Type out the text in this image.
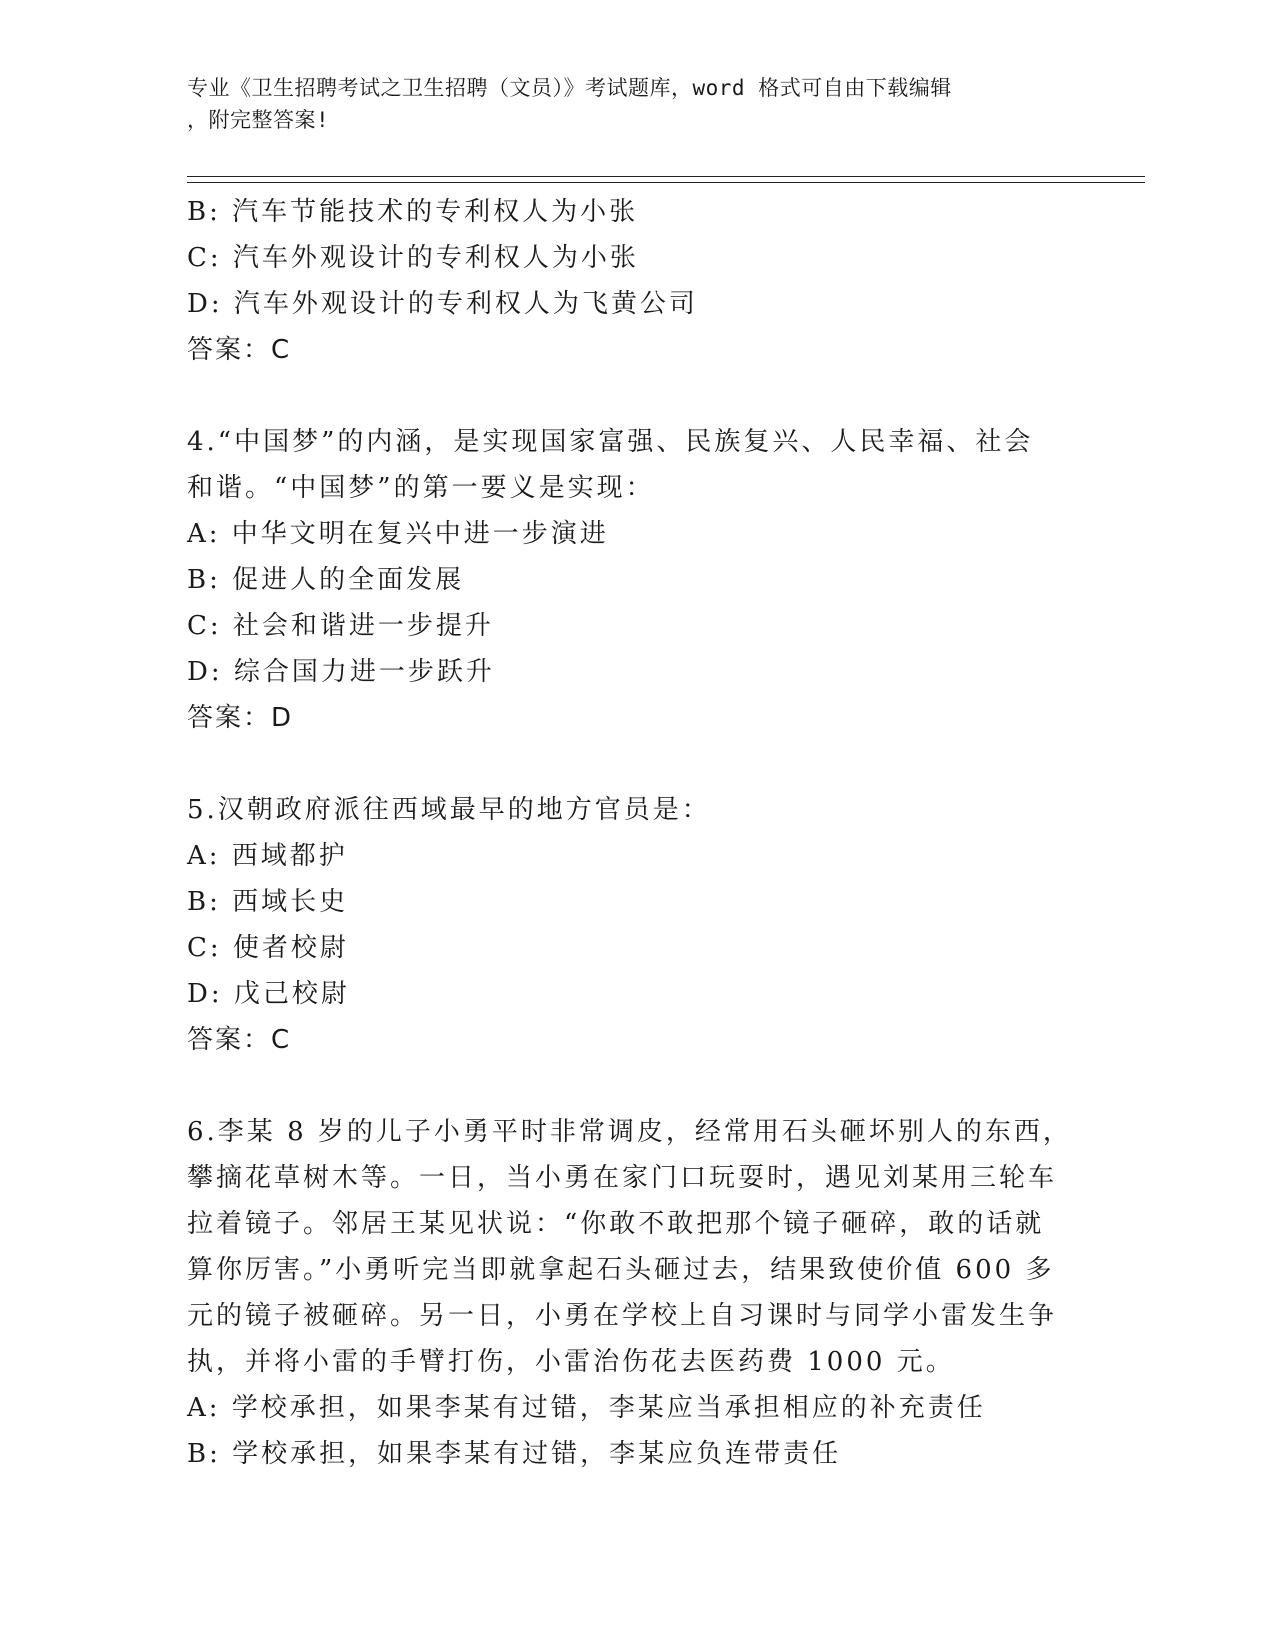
专业《卫生招聘考试之卫生招聘（文员）》考试题库，word 格式可自由下载编辑
，附完整答案!
B: 汽车节能技术的专利权人为小张
C: 汽车外观设计的专利权人为小张
D: 汽车外观设计的专利权人为飞黄公司
答案：C
4.“中国梦”的内涵，是实现国家富强、民族复兴、人民幸福、社会
和谐。“中国梦”的第一要义是实现：
A: 中华文明在复兴中进一步演进
B: 促进人的全面发展
C: 社会和谐进一步提升
D: 综合国力进一步跃升
答案：D
5.汉朝政府派往西域最早的地方官员是：
A: 西域都护
B: 西域长史
C: 使者校尉
D: 戊己校尉
答案：C
6.李某 8 岁的儿子小勇平时非常调皮，经常用石头砸坏别人的东西，
攀摘花草树木等。一日，当小勇在家门口玩耍时，遇见刘某用三轮车
拉着镜子。邻居王某见状说：“你敢不敢把那个镜子砸碎，敢的话就
算你厉害。”小勇听完当即就拿起石头砸过去，结果致使价值 600 多
元的镜子被砸碎。另一日，小勇在学校上自习课时与同学小雷发生争
执，并将小雷的手臂打伤，小雷治伤花去医药费 1000 元。
A: 学校承担，如果李某有过错，李某应当承担相应的补充责任
B: 学校承担，如果李某有过错，李某应负连带责任
